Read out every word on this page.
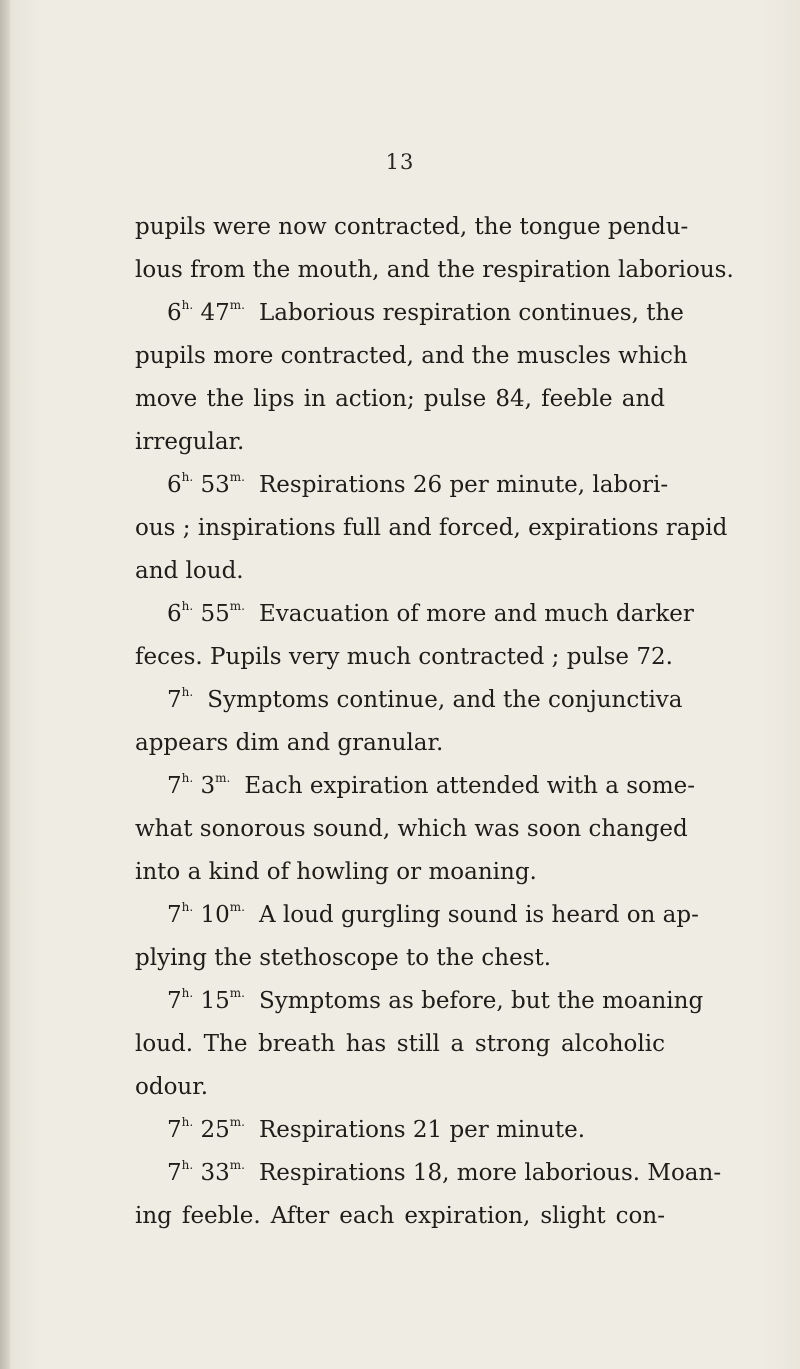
13
pupils were now contracted, the tongue pendu-
lous from the mouth, and the respiration laborious.
$6^{h.}$ $47^{m.}$ Laborious respiration continues, the
pupils more contracted, and the muscles which
move the lips in action; pulse 84, feeble and
irregular.
$6^{h.}$ $53^{m.}$ Respirations 26 per minute, labori-
ous ; inspirations full and forced, expirations rapid
and loud.
$6^{h.}$ $55^{m.}$ Evacuation of more and much darker
feces. Pupils very much contracted ; pulse 72.
$7^{h.}$ Symptoms continue, and the conjunctiva
appears dim and granular.
$7^{h.}$ $3^{m.}$ Each expiration attended with a some-
what sonorous sound, which was soon changed
into a kind of howling or moaning.
$7^{h.}$ $10^{m.}$ A loud gurgling sound is heard on ap-
plying the stethoscope to the chest.
$7^{h.}$ $15^{m.}$ Symptoms as before, but the moaning
loud. The breath has still a strong alcoholic
odour.
$7^{h.}$ $25^{m.}$ Respirations 21 per minute.
$7^{h.}$ $33^{m.}$ Respirations 18, more laborious. Moan-
ing feeble. After each expiration, slight con-
